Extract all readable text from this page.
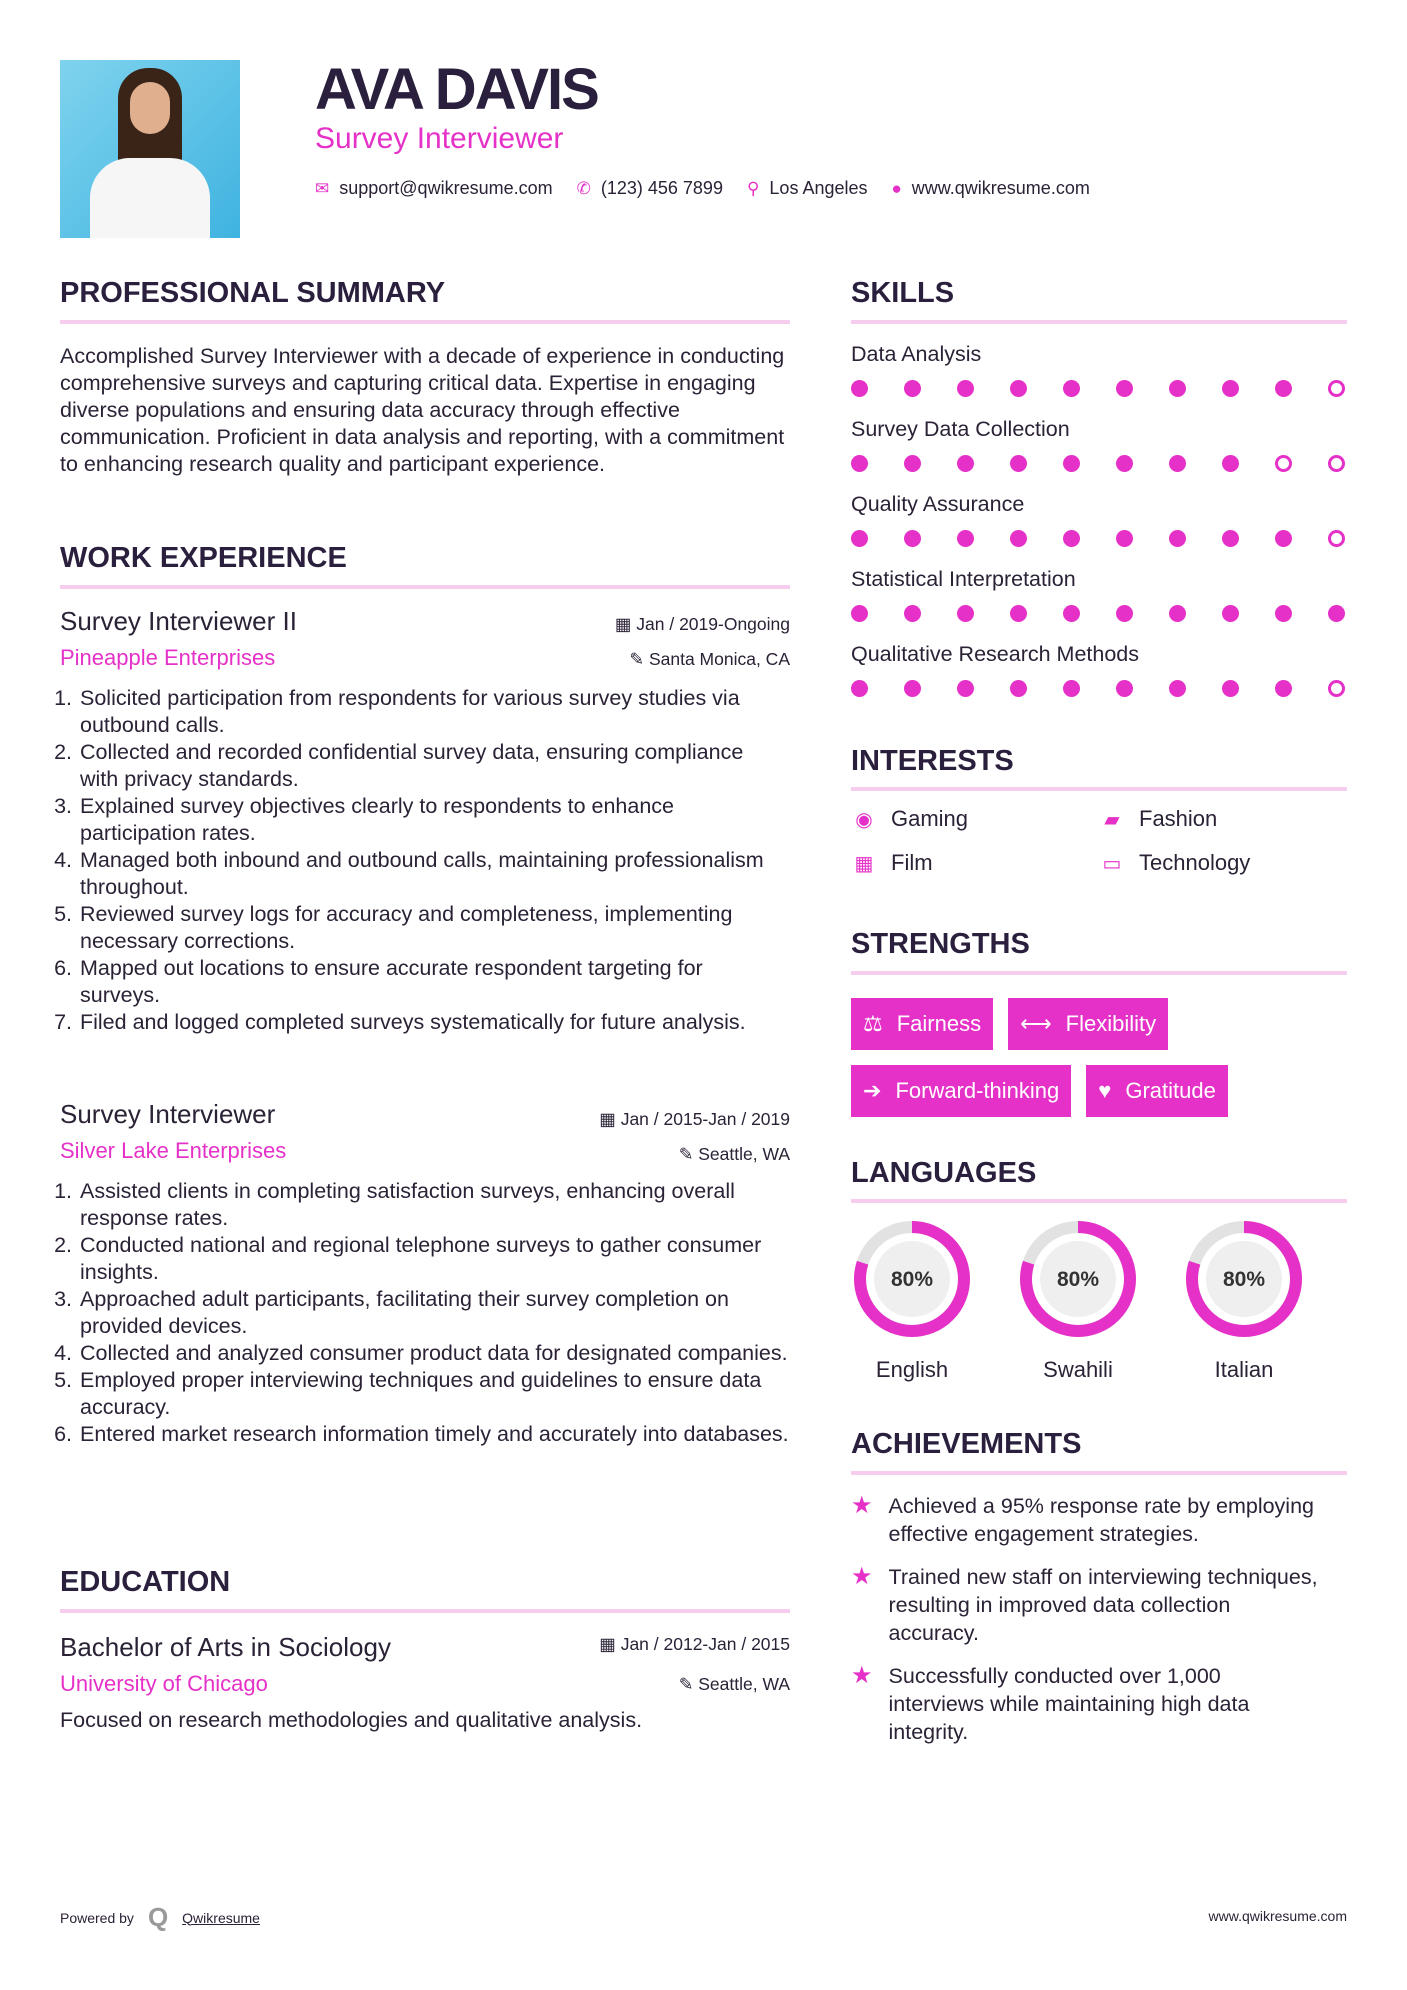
AVA DAVIS
Survey Interviewer
✉ support@qwikresume.com ✆ (123) 456 7899 ⚲ Los Angeles ● www.qwikresume.com
PROFESSIONAL SUMMARY
Accomplished Survey Interviewer with a decade of experience in conducting comprehensive surveys and capturing critical data. Expertise in engaging diverse populations and ensuring data accuracy through effective communication. Proficient in data analysis and reporting, with a commitment to enhancing research quality and participant experience.
WORK EXPERIENCE
Survey Interviewer II
Pineapple Enterprises
▦ Jan / 2019-Ongoing
✎ Santa Monica, CA
1. Solicited participation from respondents for various survey studies via outbound calls.
2. Collected and recorded confidential survey data, ensuring compliance with privacy standards.
3. Explained survey objectives clearly to respondents to enhance participation rates.
4. Managed both inbound and outbound calls, maintaining professionalism throughout.
5. Reviewed survey logs for accuracy and completeness, implementing necessary corrections.
6. Mapped out locations to ensure accurate respondent targeting for surveys.
7. Filed and logged completed surveys systematically for future analysis.
Survey Interviewer
Silver Lake Enterprises
▦ Jan / 2015-Jan / 2019
✎ Seattle, WA
1. Assisted clients in completing satisfaction surveys, enhancing overall response rates.
2. Conducted national and regional telephone surveys to gather consumer insights.
3. Approached adult participants, facilitating their survey completion on provided devices.
4. Collected and analyzed consumer product data for designated companies.
5. Employed proper interviewing techniques and guidelines to ensure data accuracy.
6. Entered market research information timely and accurately into databases.
EDUCATION
Bachelor of Arts in Sociology
University of Chicago
▦ Jan / 2012-Jan / 2015
✎ Seattle, WA
Focused on research methodologies and qualitative analysis.
SKILLS
Data Analysis
Survey Data Collection
Quality Assurance
Statistical Interpretation
Qualitative Research Methods
INTERESTS
◉ Gaming	▰ Fashion
▦ Film	▭ Technology
STRENGTHS
⚖ Fairness ⟷ Flexibility
➔ Forward-thinking ♥ Gratitude
LANGUAGES
80%
English
80%
Swahili
80%
Italian
ACHIEVEMENTS
★ Achieved a 95% response rate by employing effective engagement strategies.
★ Trained new staff on interviewing techniques, resulting in improved data collection accuracy.
★ Successfully conducted over 1,000 interviews while maintaining high data integrity.
Powered by Q Qwikresume	www.qwikresume.com
